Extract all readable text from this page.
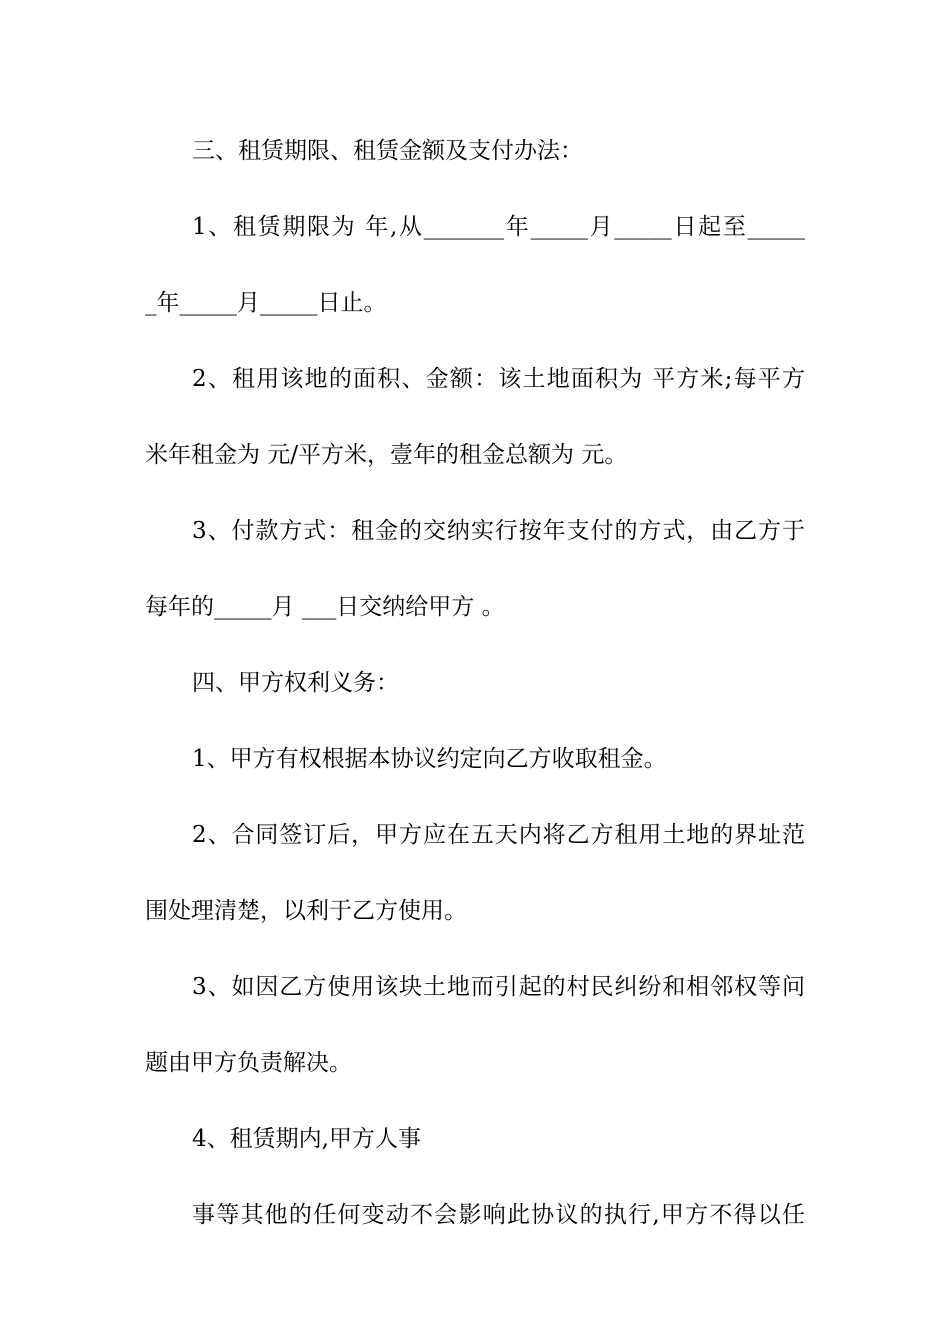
三、租赁期限、租赁金额及支付办法：

1、租赁期限为 年,从_______年_____月_____日起至_____

_年_____月_____日止。

2、租用该地的面积、金额：该土地面积为 平方米;每平方

米年租金为 元/平方米，壹年的租金总额为 元。

3、付款方式：租金的交纳实行按年支付的方式，由乙方于

每年的_____月 ___日交纳给甲方 。

四、甲方权利义务：

1、甲方有权根据本协议约定向乙方收取租金。

2、合同签订后，甲方应在五天内将乙方租用土地的界址范

围处理清楚，以利于乙方使用。

3、如因乙方使用该块土地而引起的村民纠纷和相邻权等问

题由甲方负责解决。

4、租赁期内,甲方人事

事等其他的任何变动不会影响此协议的执行,甲方不得以任
